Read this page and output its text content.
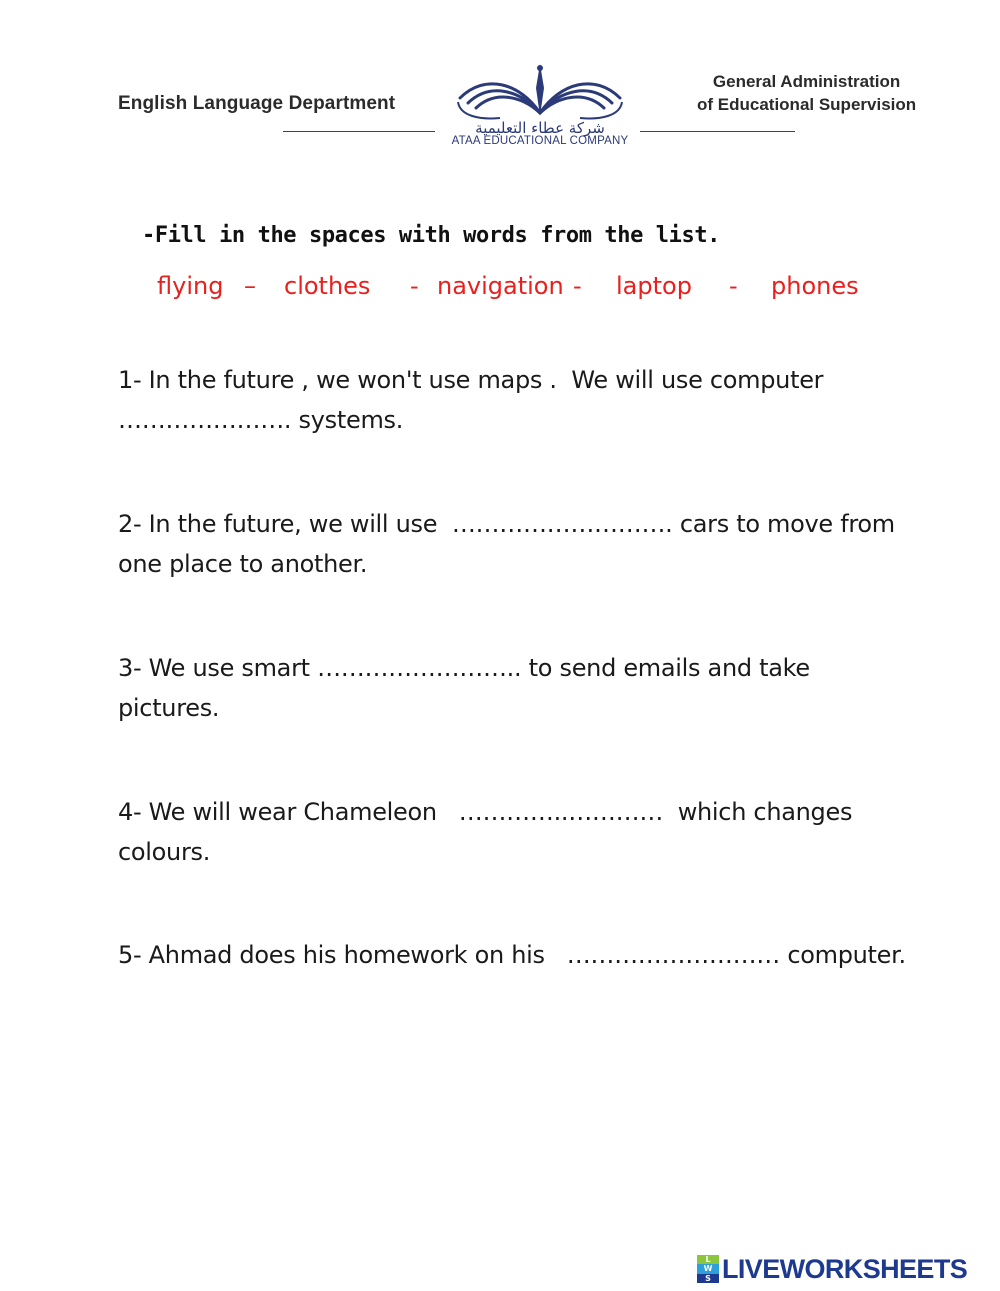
English Language Department
General Administration
of Educational Supervision
شركة عطاء التعليمية
ATAA EDUCATIONAL COMPANY
-Fill in the spaces with words from the list.
flying – clothes - navigation - laptop - phones
1- In the future , we won't use maps .  We will use computer
…………………. systems.
2- In the future, we will use  ………………………. cars to move from
one place to another.
3- We use smart …………………….. to send emails and take
pictures.
4- We will wear Chameleon   …………..…………  which changes
colours.
5- Ahmad does his homework on his   ……………………… computer.
L
W
S LIVEWORKSHEETS
